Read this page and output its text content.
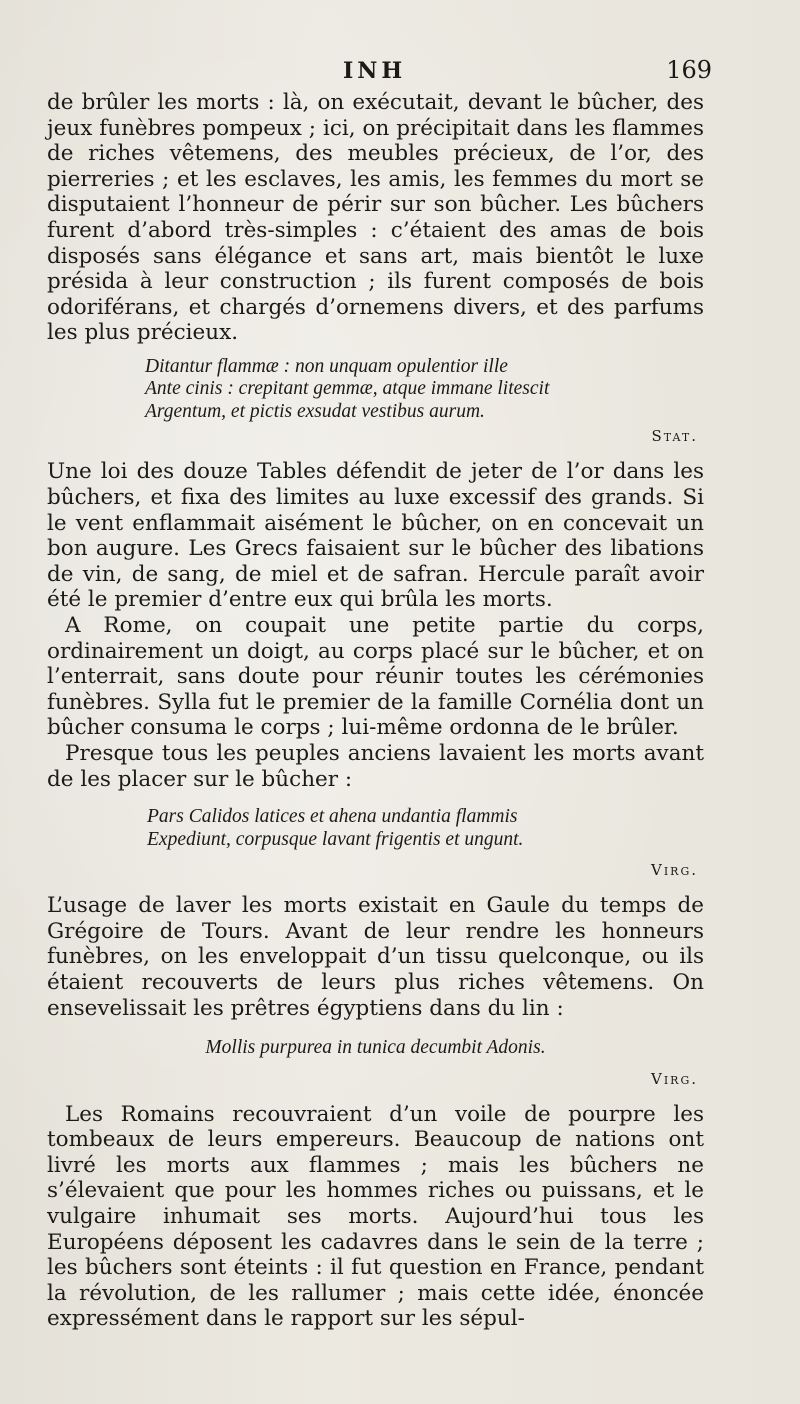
INH	169

de brûler les morts : là, on exécutait, devant le bûcher, des jeux funèbres pompeux ; ici, on précipitait dans les flammes de riches vêtemens, des meubles précieux, de l’or, des pierreries ; et les esclaves, les amis, les femmes du mort se disputaient l’honneur de périr sur son bûcher. Les bûchers furent d’abord très-simples : c’étaient des amas de bois disposés sans élégance et sans art, mais bientôt le luxe présida à leur construction ; ils furent composés de bois odoriférans, et chargés d’ornemens divers, et des parfums les plus précieux.

Ditantur flammæ : non unquam opulentior ille
Ante cinis : crepitant gemmæ, atque immane litescit
Argentum, et pictis exsudat vestibus aurum.
Stat.

Une loi des douze Tables défendit de jeter de l’or dans les bûchers, et fixa des limites au luxe excessif des grands. Si le vent enflammait aisément le bûcher, on en concevait un bon augure. Les Grecs faisaient sur le bûcher des libations de vin, de sang, de miel et de safran. Hercule paraît avoir été le premier d’entre eux qui brûla les morts.

A Rome, on coupait une petite partie du corps, ordinairement un doigt, au corps placé sur le bûcher, et on l’enterrait, sans doute pour réunir toutes les cérémonies funèbres. Sylla fut le premier de la famille Cornélia dont un bûcher consuma le corps ; lui-même ordonna de le brûler.

Presque tous les peuples anciens lavaient les morts avant de les placer sur le bûcher :

Pars Calidos latices et ahena undantia flammis
Expediunt, corpusque lavant frigentis et ungunt.
Virg.

L’usage de laver les morts existait en Gaule du temps de Grégoire de Tours. Avant de leur rendre les honneurs funèbres, on les enveloppait d’un tissu quelconque, ou ils étaient recouverts de leurs plus riches vêtemens. On ensevelissait les prêtres égyptiens dans du lin :

Mollis purpurea in tunica decumbit Adonis.
Virg.

Les Romains recouvraient d’un voile de pourpre les tombeaux de leurs empereurs. Beaucoup de nations ont livré les morts aux flammes ; mais les bûchers ne s’élevaient que pour les hommes riches ou puissans, et le vulgaire inhumait ses morts. Aujourd’hui tous les Européens déposent les cadavres dans le sein de la terre ; les bûchers sont éteints : il fut question en France, pendant la révolution, de les rallumer ; mais cette idée, énoncée expressément dans le rapport sur les sépul-
